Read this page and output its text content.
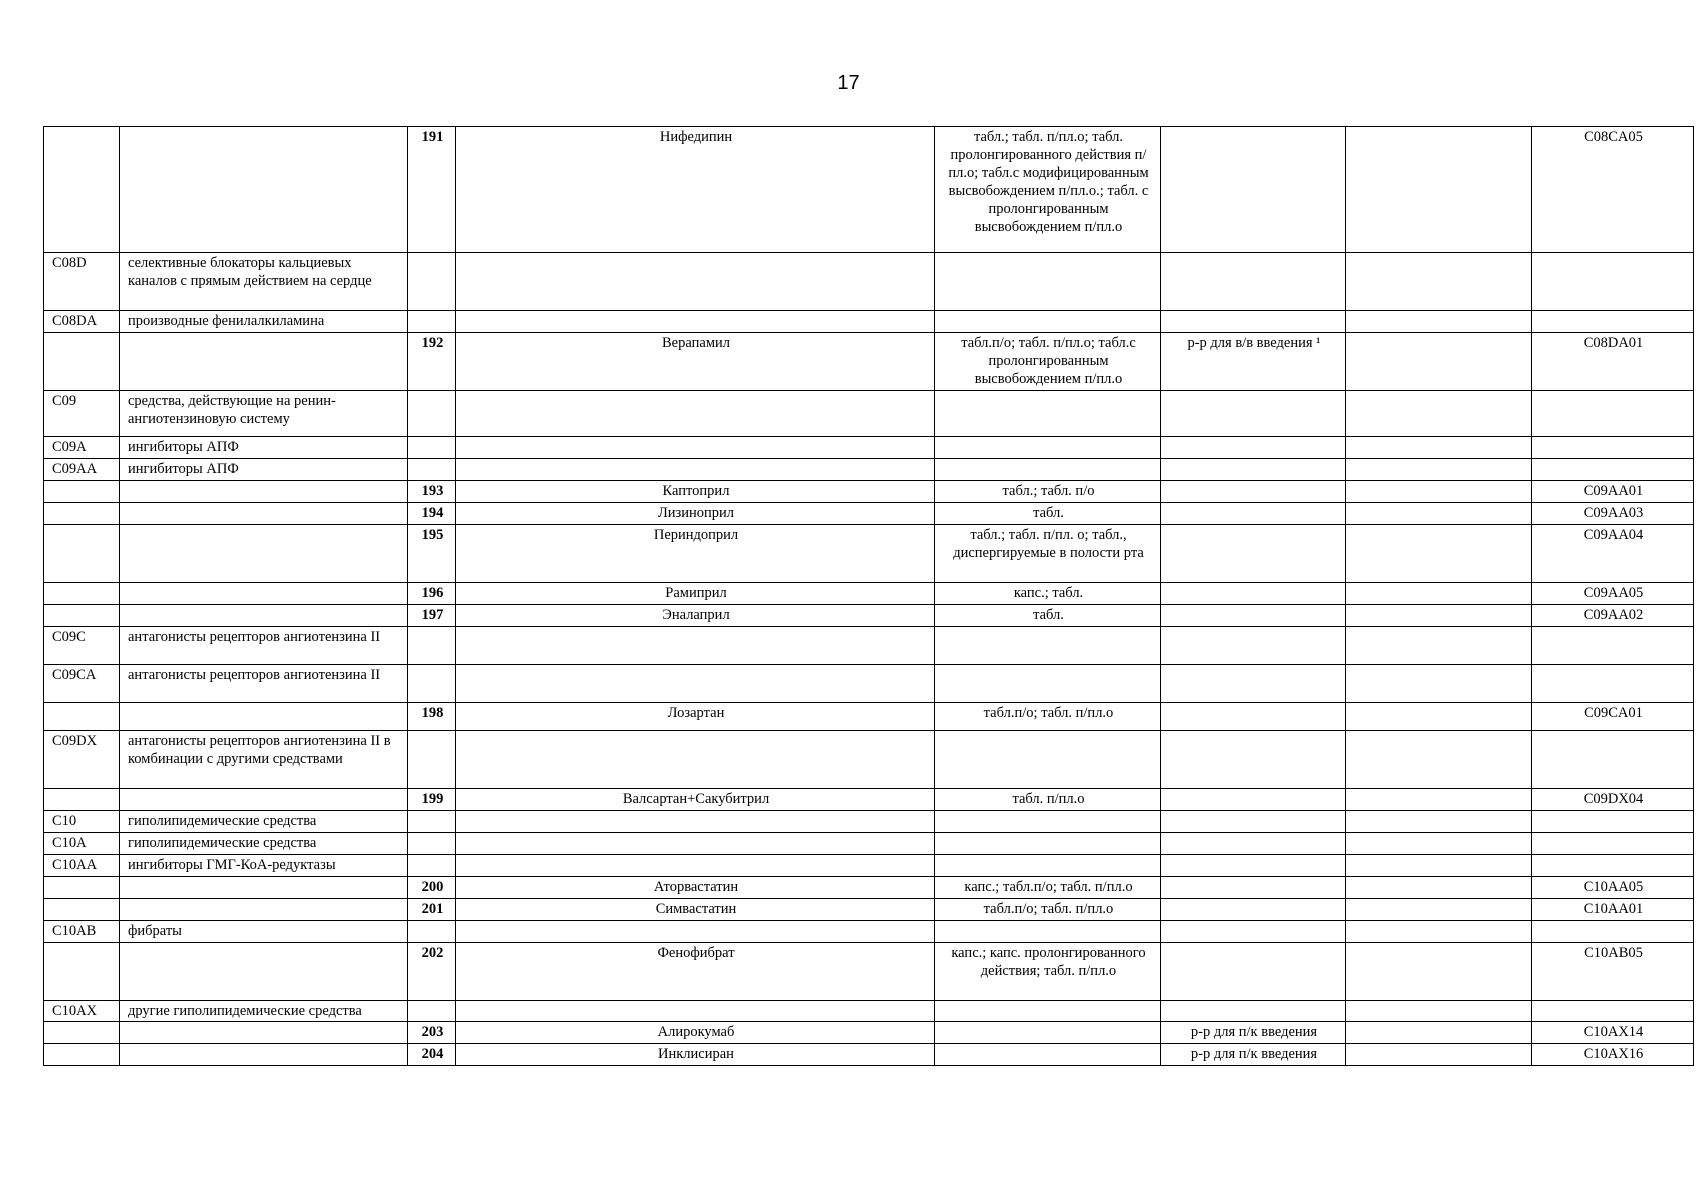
17
		191	Нифедипин	табл.; табл. п/пл.о; табл. пролонгированного действия п/пл.о; табл.с модифицированным высвобождением п/пл.о.; табл. с пролонгированным высвобождением п/пл.о			C08CA05
C08D	селективные блокаторы кальциевых каналов с прямым действием на сердце						
C08DA	производные фенилалкиламина						
		192	Верапамил	табл.п/о; табл. п/пл.о; табл.с пролонгированным высвобождением п/пл.о	р-р для в/в введения ¹		C08DA01
C09	средства, действующие на ренин-ангиотензиновую систему						
C09A	ингибиторы АПФ						
C09AA	ингибиторы АПФ						
		193	Каптоприл	табл.; табл. п/о			C09AA01
		194	Лизиноприл	табл.			C09AA03
		195	Периндоприл	табл.; табл. п/пл. о; табл., диспергируемые в полости рта			C09AA04
		196	Рамиприл	капс.; табл.			C09AA05
		197	Эналаприл	табл.			C09AA02
C09C	антагонисты рецепторов ангиотензина II						
C09CA	антагонисты рецепторов ангиотензина II						
		198	Лозартан	табл.п/о; табл. п/пл.о			C09CA01
C09DX	антагонисты рецепторов ангиотензина II в комбинации с другими средствами						
		199	Валсартан+Сакубитрил	табл. п/пл.о			C09DX04
C10	гиполипидемические средства						
C10A	гиполипидемические средства						
C10AA	ингибиторы ГМГ-КоА-редуктазы						
		200	Аторвастатин	капс.; табл.п/о; табл. п/пл.о			C10AA05
		201	Симвастатин	табл.п/о; табл. п/пл.о			C10AA01
C10AB	фибраты						
		202	Фенофибрат	капс.; капс. пролонгированного действия; табл. п/пл.о			C10AB05
C10AX	другие гиполипидемические средства						
		203	Алирокумаб		р-р для п/к введения		C10AX14
		204	Инклисиран		р-р для п/к введения		C10AX16
